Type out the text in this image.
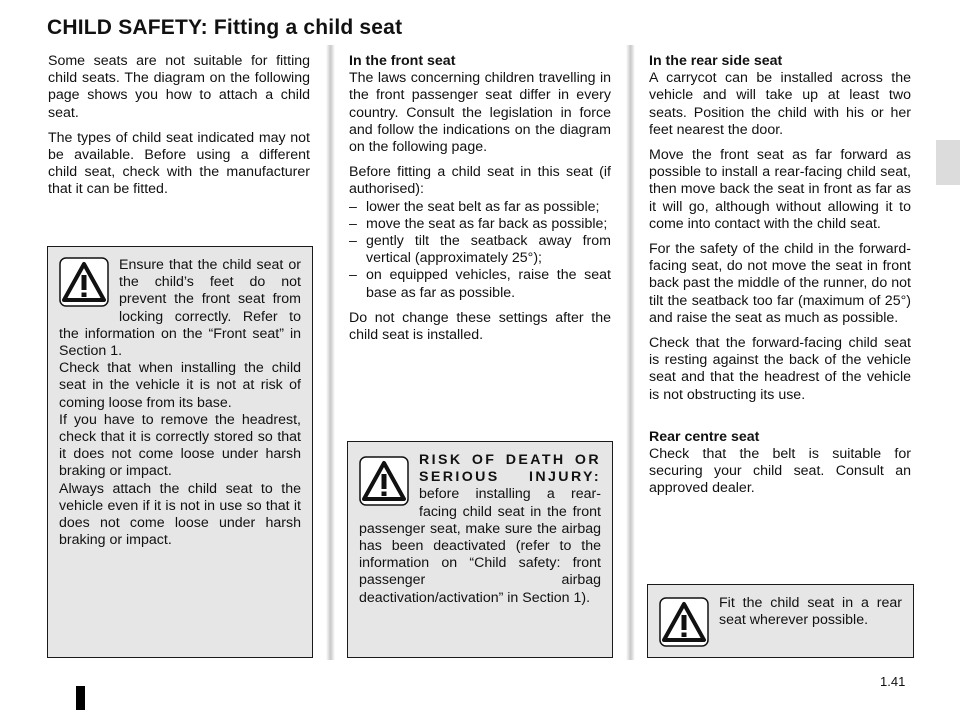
CHILD SAFETY: Fitting a child seat

Some seats are not suitable for fitting child seats. The diagram on the following page shows you how to attach a child seat.

The types of child seat indicated may not be available. Before using a different child seat, check with the manufacturer that it can be fitted.

Ensure that the child seat or the child’s feet do not prevent the front seat from locking correctly. Refer to the information on the “Front seat” in Section 1.
Check that when installing the child seat in the vehicle it is not at risk of coming loose from its base.
If you have to remove the headrest, check that it is correctly stored so that it does not come loose under harsh braking or impact.
Always attach the child seat to the vehicle even if it is not in use so that it does not come loose under harsh braking or impact.
In the front seat

The laws concerning children travelling in the front passenger seat differ in every country. Consult the legislation in force and follow the indications on the diagram on the following page.

Before fitting a child seat in this seat (if authorised):

– lower the seat belt as far as possible;
– move the seat as far back as possible;
– gently tilt the seatback away from vertical (approximately 25°);
– on equipped vehicles, raise the seat base as far as possible.

Do not change these settings after the child seat is installed.

RISK OF DEATH OR SERIOUS INJURY: before installing a rear-facing child seat in the front passenger seat, make sure the airbag has been deactivated (refer to the information on “Child safety: front passenger airbag deactivation/activation” in Section 1).
In the rear side seat

A carrycot can be installed across the vehicle and will take up at least two seats. Position the child with his or her feet nearest the door.

Move the front seat as far forward as possible to install a rear-facing child seat, then move back the seat in front as far as it will go, although without allowing it to come into contact with the child seat.

For the safety of the child in the forward-facing seat, do not move the seat in front back past the middle of the runner, do not tilt the seatback too far (maximum of 25°) and raise the seat as much as possible.

Check that the forward-facing child seat is resting against the back of the vehicle seat and that the headrest of the vehicle is not obstructing its use.

Rear centre seat

Check that the belt is suitable for securing your child seat. Consult an approved dealer.

Fit the child seat in a rear seat wherever possible.
1.41
